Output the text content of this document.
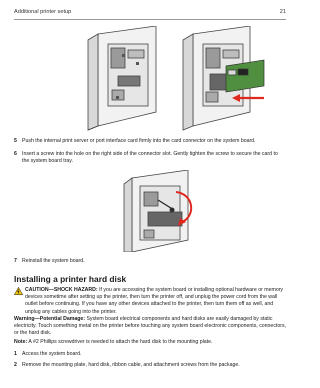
Additional printer setup	21
5 Push the internal print server or port interface card firmly into the card connector on the system board.
6 Insert a screw into the hole on the right side of the connector slot. Gently tighten the screw to secure the card to the system board tray.
7 Reinstall the system board.
Installing a printer hard disk
CAUTION—SHOCK HAZARD: If you are accessing the system board or installing optional hardware or memory devices sometime after setting up the printer, then turn the printer off, and unplug the power cord from the wall outlet before continuing. If you have any other devices attached to the printer, then turn them off as well, and unplug any cables going into the printer.
Warning—Potential Damage: System board electrical components and hard disks are easily damaged by static electricity. Touch something metal on the printer before touching any system board electronic components, connectors, or the hard disk.
Note: A #2 Phillips screwdriver is needed to attach the hard disk to the mounting plate.
1 Access the system board.
2 Remove the mounting plate, hard disk, ribbon cable, and attachment screws from the package.
